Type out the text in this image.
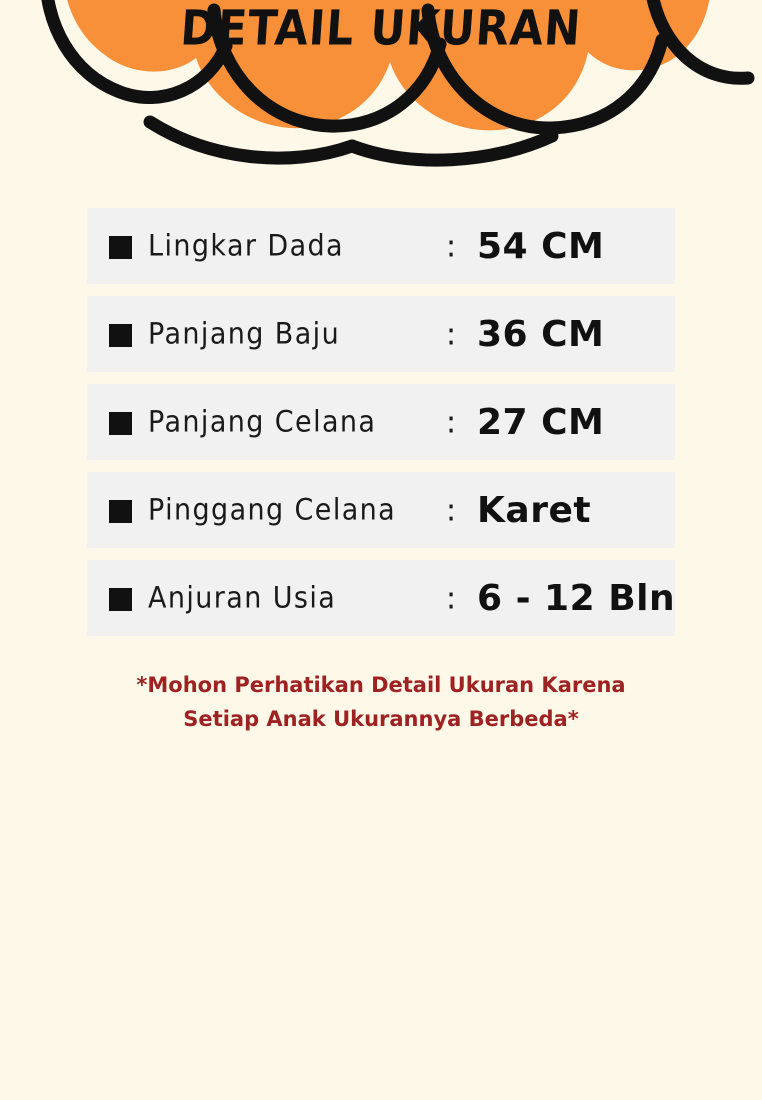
DETAIL UKURAN
Lingkar Dada	: 54 CM
Panjang Baju	: 36 CM
Panjang Celana : 27 CM
Pinggang Celana : Karet
Anjuran Usia	: 6 - 12 Bln
*Mohon Perhatikan Detail Ukuran Karena
Setiap Anak Ukurannya Berbeda*
